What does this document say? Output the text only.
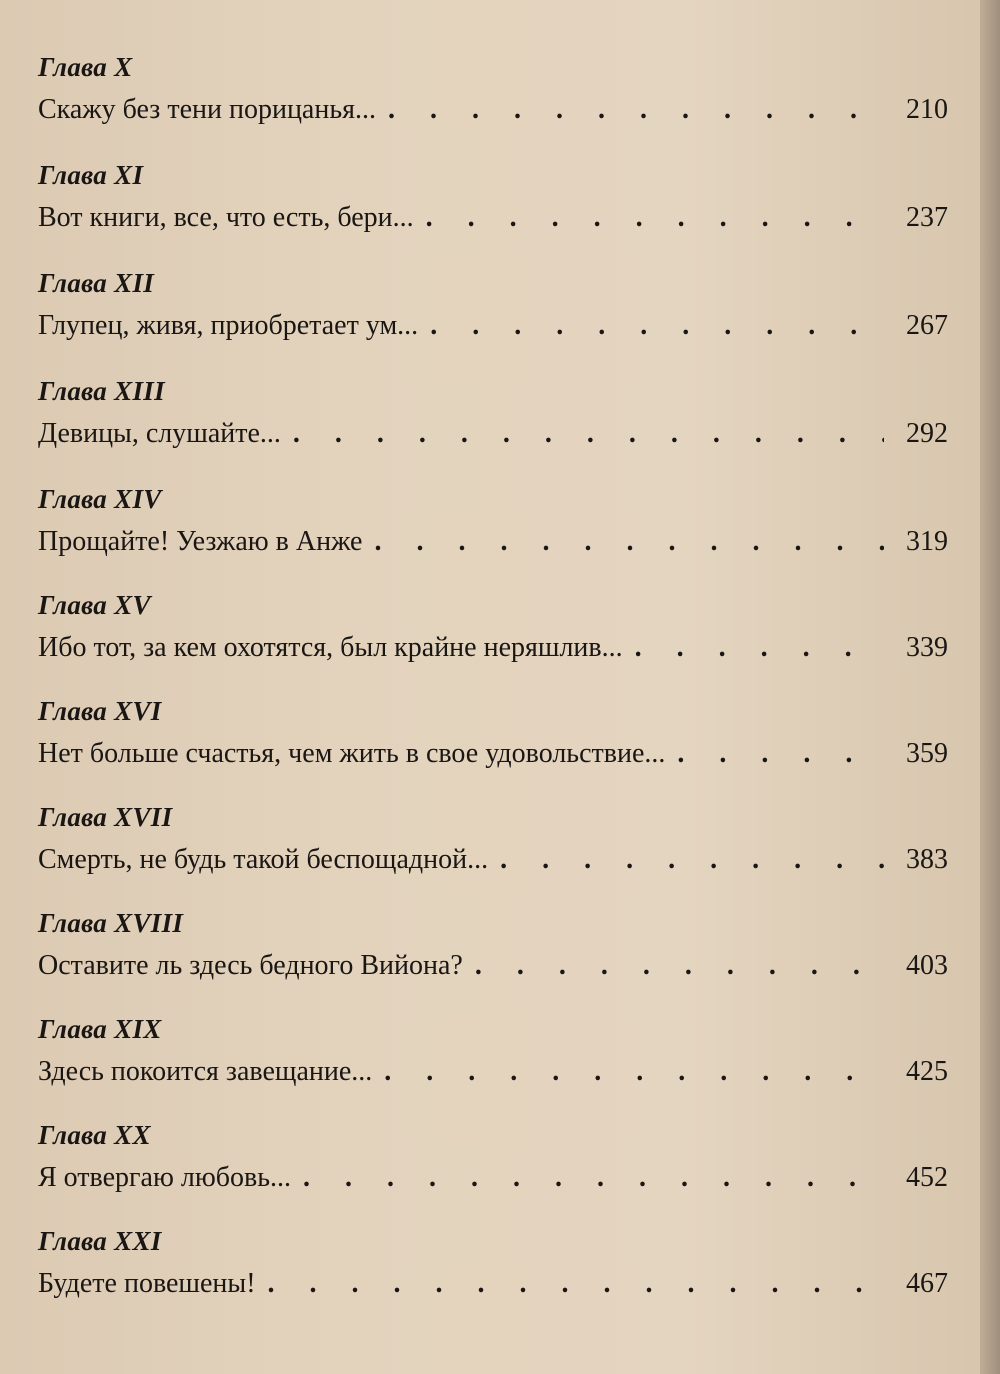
Глава X
Скажу без тени порицанья... . . .	210
Глава XI
Вот книги, все, что есть, бери... . . .	237
Глава XII
Глупец, живя, приобретает ум... . . .	267
Глава XIII
Девицы, слушайте... . . .	292
Глава XIV
Прощайте! Уезжаю в Анже . . .	319
Глава XV
Ибо тот, за кем охотятся, был крайне неряшлив... . . .	339
Глава XVI
Нет больше счастья, чем жить в свое удовольствие... . . .	359
Глава XVII
Смерть, не будь такой беспощадной... . . .	383
Глава XVIII
Оставите ль здесь бедного Вийона? . . .	403
Глава XIX
Здесь покоится завещание... . . .	425
Глава XX
Я отвергаю любовь... . . .	452
Глава XXI
Будете повешены! . . .	467
